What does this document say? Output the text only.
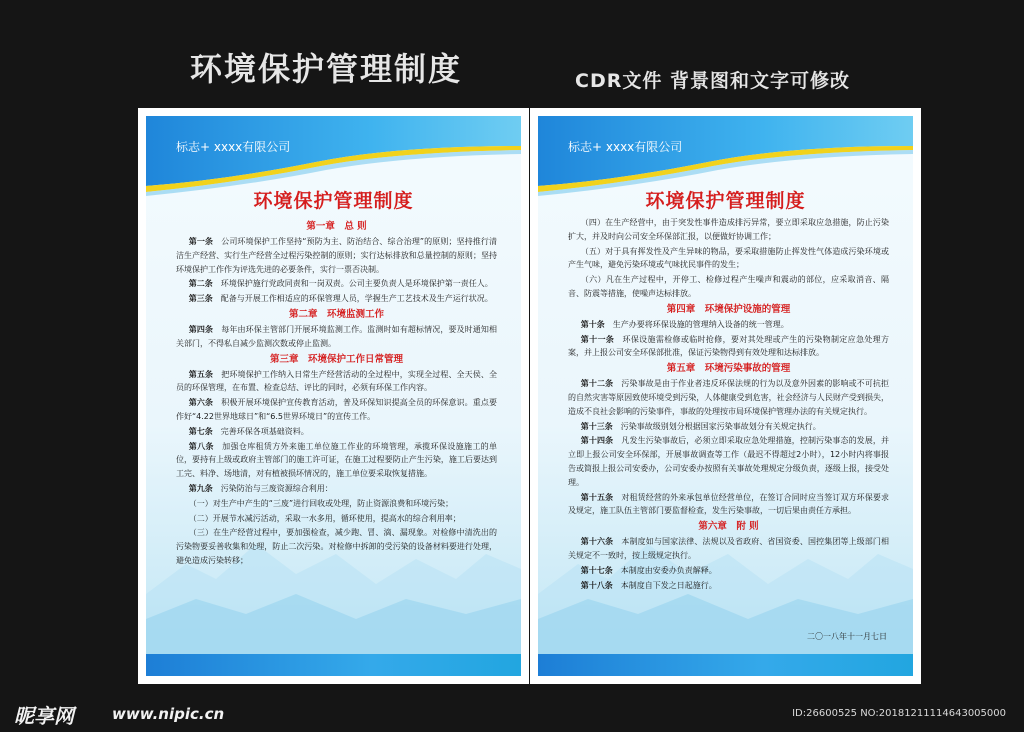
环境保护管理制度	CDR文件 背景图和文字可修改
标志+ xxxx有限公司
环境保护管理制度
第一章　总 则
第一条　 公司环境保护工作坚持“预防为主、防治结合、综合治理”的原则；坚持推行清洁生产经营、实行生产经营全过程污染控制的原则；实行达标排放和总量控制的原则；坚持环境保护工作作为评选先进的必要条件，实行一票否决制。
第二条　 环境保护施行党政同责和一岗双责。公司主要负责人是环境保护第一责任人。
第三条　 配备与开展工作相适应的环保管理人员，学握生产工艺技术及生产运行状况。
第二章　环境监测工作
第四条　 每年由环保主管部门开展环境监测工作。监测时如有超标情况，要及时通知相关部门，不得私自减少监测次数或停止监测。
第三章　环境保护工作日常管理
第五条　 把环境保护工作纳入日常生产经营活动的全过程中，实现全过程、全天侯、全员的环保管理，在布置、检查总结、评比的同时，必须有环保工作内容。
第六条　 积极开展环境保护宣传教育活动，普及环保知识提高全员的环保意识。重点要作好“4.22世界地球日”和“6.5世界环境日”的宣传工作。
第七条　 完善环保各项基础资料。
第八条　 加强仓库租赁方外来施工单位施工作业的环境管理，承揽环保设施施工的单位，要持有上级或政府主管部门的施工许可证，在施工过程要防止产生污染，施工后要达到工完、料净、场地清，对有植被损坏情况的，施工单位要采取恢复措施。
第九条　 污染防治与三废资源综合利用：
（一）对生产中产生的“三废”进行回收或处理，防止资源浪费和环境污染；
（二）开展节水减污活动，采取一水多用，循环使用，提高水的综合利用率；
（三）在生产经营过程中，要加强检查，减少跑、冒、滴、漏现象。对检修中清洗出的污染物要妥善收集和处理，防止二次污染。对检修中拆卸的受污染的设备材料要进行处理，避免造成污染转移；
标志+ xxxx有限公司
环境保护管理制度
（四）在生产经营中，由于突发性事件造成排污异常，要立即采取应急措施，防止污染扩大，并及时向公司安全环保部汇报，以便做好协调工作；
（五）对于具有挥发性及产生异味的物品，要采取措施防止挥发性气体造成污染环境或产生气味，避免污染环境或气味扰民事件的发生；
（六）凡在生产过程中，开停工、检修过程产生噪声和震动的部位，应采取消音、隔音、防震等措施，使噪声达标排放。
第四章　环境保护设施的管理
第十条　 生产办要将环保设施的管理纳入设备的统一管理。
第十一条　 环保设施需检修或临时抢修，要对其处理或产生的污染物制定应急处理方案，并上报公司安全环保部批准，保证污染物得到有效处理和达标排放。
第五章　环境污染事故的管理
第十二条　 污染事故是由于作业者违反环保法规的行为以及意外因素的影响或不可抗拒的自然灾害等原因致使环境受到污染，人体健康受到危害，社会经济与人民财产受到损失，造成不良社会影响的污染事件，事故的处理按市局环境保护管理办法的有关规定执行。
第十三条　 污染事故级别划分根据国家污染事故划分有关规定执行。
第十四条　 凡发生污染事故后，必须立即采取应急处理措施，控制污染事态的发展，并立即上报公司安全环保部，开展事故调查等工作（最迟不得超过2小时），12小时内将事报告或简报上报公司安委办，公司安委办按照有关事故处理规定分级负责，逐级上报，接受处理。
第十五条　 对租赁经营的外来承包单位经营单位，在签订合同时应当签订双方环保要求及规定，施工队伍主管部门要监督检查，发生污染事故，一切后果由责任方承担。
第六章　附 则
第十六条　 本制度如与国家法律、法规以及省政府、省国资委、国控集团等上级部门相关规定不一致时，按上级规定执行。
第十七条　 本制度由安委办负责解释。
第十八条　 本制度自下发之日起施行。
二〇一八年十一月七日
昵享网	www.nipic.cn	ID:26600525 NO:20181211114643005000
